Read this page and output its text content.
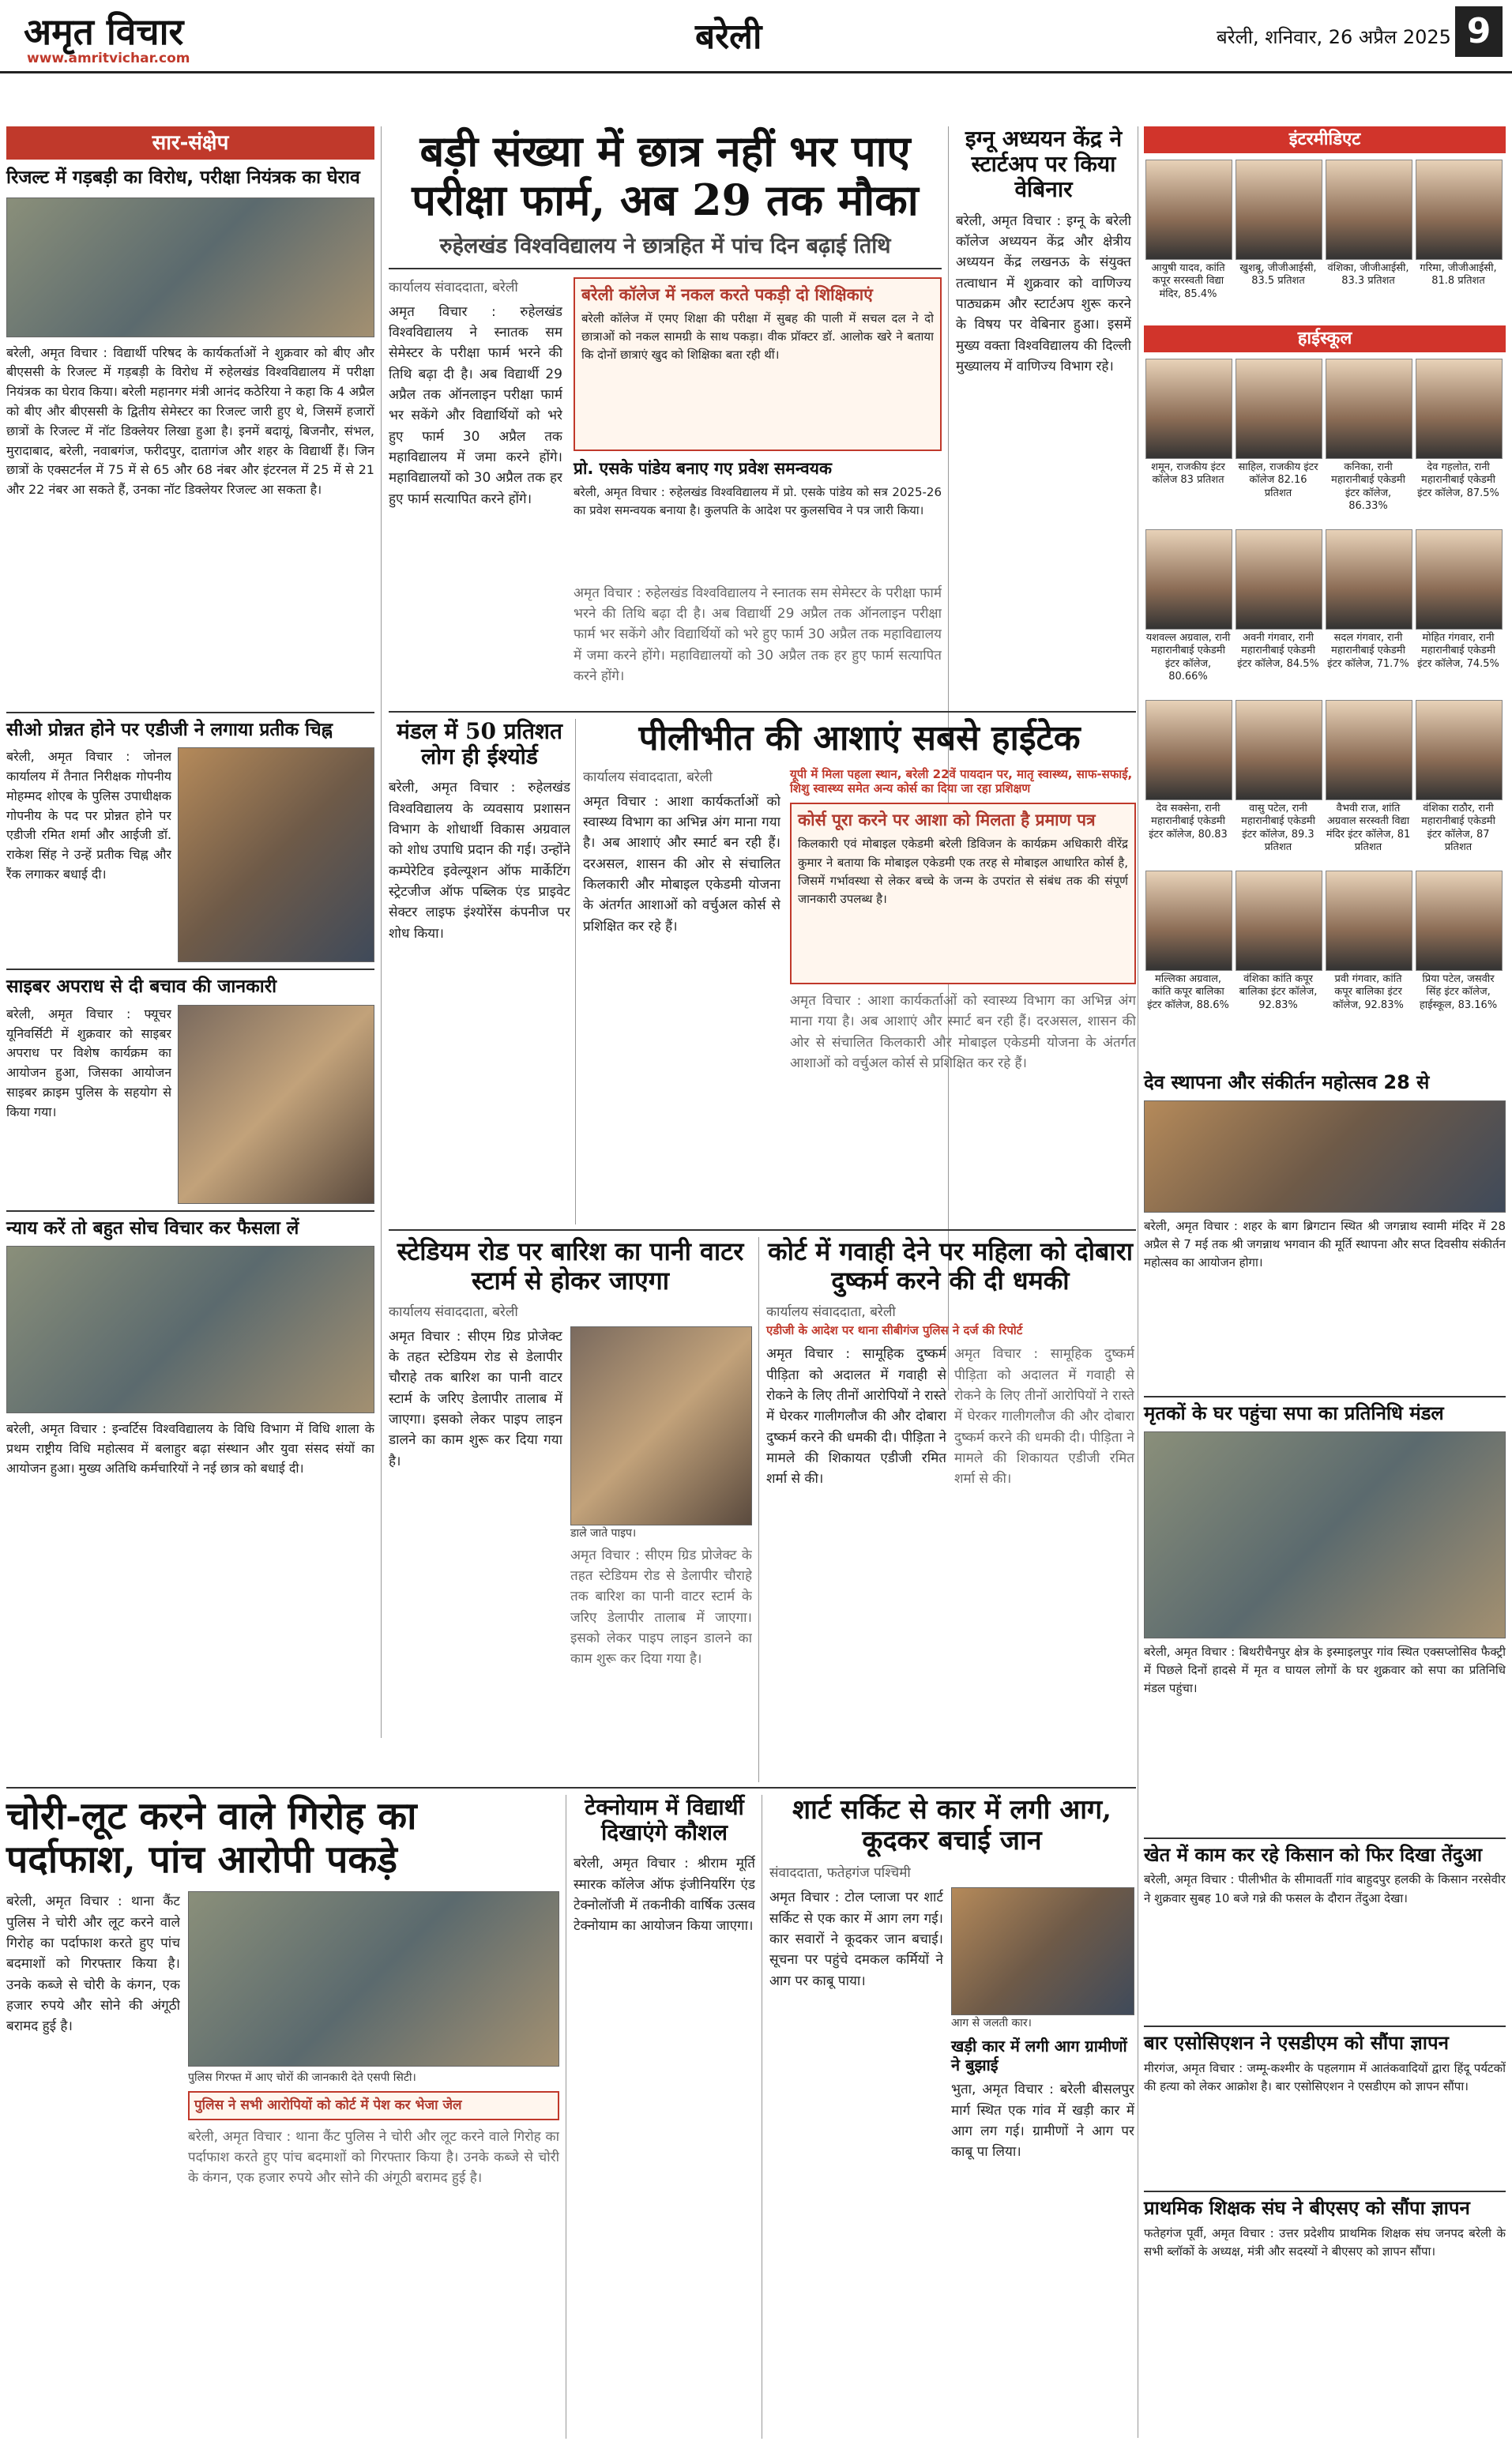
अमृत विचार
www.amritvichar.com
बरेली	बरेली, शनिवार, 26 अप्रैल 2025 9
सार-संक्षेप
रिजल्ट में गड़बड़ी का विरोध, परीक्षा नियंत्रक का घेराव
बरेली, अमृत विचार : विद्यार्थी परिषद के कार्यकर्ताओं ने शुक्रवार को बीए और बीएससी के रिजल्ट में गड़बड़ी के विरोध में रुहेलखंड विश्वविद्यालय में परीक्षा नियंत्रक का घेराव किया। बरेली महानगर मंत्री आनंद कठेरिया ने कहा कि 4 अप्रैल को बीए और बीएससी के द्वितीय सेमेस्टर का रिजल्ट जारी हुए थे, जिसमें हजारों छात्रों के रिजल्ट में नॉट डिक्लेयर लिखा हुआ है। इनमें बदायूं, बिजनौर, संभल, मुरादाबाद, बरेली, नवाबगंज, फरीदपुर, दातागंज और शहर के विद्यार्थी हैं। जिन छात्रों के एक्सटर्नल में 75 में से 65 और 68 नंबर और इंटरनल में 25 में से 21 और 22 नंबर आ सकते हैं, उनका नॉट डिक्लेयर रिजल्ट आ सकता है।
सीओ प्रोन्नत होने पर एडीजी ने लगाया प्रतीक चिह्न
बरेली, अमृत विचार : जोनल कार्यालय में तैनात निरीक्षक गोपनीय मोहम्मद शोएब के पुलिस उपाधीक्षक गोपनीय के पद पर प्रोन्नत होने पर एडीजी रमित शर्मा और आईजी डॉ. राकेश सिंह ने उन्हें प्रतीक चिह्न और रैंक लगाकर बधाई दी।
साइबर अपराध से दी बचाव की जानकारी
बरेली, अमृत विचार : फ्यूचर यूनिवर्सिटी में शुक्रवार को साइबर अपराध पर विशेष कार्यक्रम का आयोजन हुआ, जिसका आयोजन साइबर क्राइम पुलिस के सहयोग से किया गया।
न्याय करें तो बहुत सोच विचार कर फैसला लें
बरेली, अमृत विचार : इन्वर्टिस विश्वविद्यालय के विधि विभाग में विधि शाला के प्रथम राष्ट्रीय विधि महोत्सव में बलाहुर बढ़ा संस्थान और युवा संसद संयों का आयोजन हुआ। मुख्य अतिथि कर्मचारियों ने नई छात्र को बधाई दी।
बड़ी संख्या में छात्र नहीं भर पाए परीक्षा फार्म, अब 29 तक मौका
रुहेलखंड विश्वविद्यालय ने छात्रहित में पांच दिन बढ़ाई तिथि
कार्यालय संवाददाता, बरेली
अमृत विचार : रुहेलखंड विश्वविद्यालय ने स्नातक सम सेमेस्टर के परीक्षा फार्म भरने की तिथि बढ़ा दी है। अब विद्यार्थी 29 अप्रैल तक ऑनलाइन परीक्षा फार्म भर सकेंगे और विद्यार्थियों को भरे हुए फार्म 30 अप्रैल तक महाविद्यालय में जमा करने होंगे। महाविद्यालयों को 30 अप्रैल तक हर हुए फार्म सत्यापित करने होंगे।
बरेली कॉलेज में नकल करते पकड़ी दो शिक्षिकाएं
बरेली कॉलेज में एमए शिक्षा की परीक्षा में सुबह की पाली में सचल दल ने दो छात्राओं को नकल सामग्री के साथ पकड़ा। वीक प्रॉक्टर डॉ. आलोक खरे ने बताया कि दोनों छात्राएं खुद को शिक्षिका बता रही थीं।
प्रो. एसके पांडेय बनाए गए प्रवेश समन्वयक
बरेली, अमृत विचार : रुहेलखंड विश्वविद्यालय में प्रो. एसके पांडेय को सत्र 2025-26 का प्रवेश समन्वयक बनाया है। कुलपति के आदेश पर कुलसचिव ने पत्र जारी किया।
अमृत विचार : रुहेलखंड विश्वविद्यालय ने स्नातक सम सेमेस्टर के परीक्षा फार्म भरने की तिथि बढ़ा दी है। अब विद्यार्थी 29 अप्रैल तक ऑनलाइन परीक्षा फार्म भर सकेंगे और विद्यार्थियों को भरे हुए फार्म 30 अप्रैल तक महाविद्यालय में जमा करने होंगे। महाविद्यालयों को 30 अप्रैल तक हर हुए फार्म सत्यापित करने होंगे।
इग्नू अध्ययन केंद्र ने स्टार्टअप पर किया वेबिनार
बरेली, अमृत विचार : इग्नू के बरेली कॉलेज अध्ययन केंद्र और क्षेत्रीय अध्ययन केंद्र लखनऊ के संयुक्त तत्वाधान में शुक्रवार को वाणिज्य पाठ्यक्रम और स्टार्टअप शुरू करने के विषय पर वेबिनार हुआ। इसमें मुख्य वक्ता विश्वविद्यालय की दिल्ली मुख्यालय में वाणिज्य विभाग रहे।
इंटरमीडिएट
आयुषी यादव, कांति कपूर सरस्वती विद्या मंदिर, 85.4%
खुशबू, जीजीआईसी, 83.5 प्रतिशत
वंशिका, जीजीआईसी, 83.3 प्रतिशत
गरिमा, जीजीआईसी, 81.8 प्रतिशत
हाईस्कूल
शमून, राजकीय इंटर कॉलेज 83 प्रतिशत
साहिल, राजकीय इंटर कॉलेज 82.16 प्रतिशत
कनिका, रानी महारानीबाई एकेडमी इंटर कॉलेज, 86.33%
देव गहलोत, रानी महारानीबाई एकेडमी इंटर कॉलेज, 87.5%
यशवल्ल अग्रवाल, रानी महारानीबाई एकेडमी इंटर कॉलेज, 80.66%
अवनी गंगवार, रानी महारानीबाई एकेडमी इंटर कॉलेज, 84.5%
सदल गंगवार, रानी महारानीबाई एकेडमी इंटर कॉलेज, 71.7%
मोहित गंगवार, रानी महारानीबाई एकेडमी इंटर कॉलेज, 74.5%
देव सक्सेना, रानी महारानीबाई एकेडमी इंटर कॉलेज, 80.83
वासु पटेल, रानी महारानीबाई एकेडमी इंटर कॉलेज, 89.3 प्रतिशत
वैभवी राज, शांति अग्रवाल सरस्वती विद्या मंदिर इंटर कॉलेज, 81 प्रतिशत
वंशिका राठौर, रानी महारानीबाई एकेडमी इंटर कॉलेज, 87 प्रतिशत
मल्लिका अग्रवाल, कांति कपूर बालिका इंटर कॉलेज, 88.6%
वंशिका कांति कपूर बालिका इंटर कॉलेज, 92.83%
प्रवी गंगवार, कांति कपूर बालिका इंटर कॉलेज, 92.83%
प्रिया पटेल, जसवीर सिंह इंटर कॉलेज, हाईस्कूल, 83.16%
मंडल में 50 प्रतिशत लोग ही ईश्योर्ड
बरेली, अमृत विचार : रुहेलखंड विश्वविद्यालय के व्यवसाय प्रशासन विभाग के शोधार्थी विकास अग्रवाल को शोध उपाधि प्रदान की गई। उन्होंने कम्पेरेटिव इवेल्यूशन ऑफ मार्केटिंग स्ट्रेटजीज ऑफ पब्लिक एंड प्राइवेट सेक्टर लाइफ इंश्योरेंस कंपनीज पर शोध किया।
पीलीभीत की आशाएं सबसे हाईटेक
कार्यालय संवाददाता, बरेली
अमृत विचार : आशा कार्यकर्ताओं को स्वास्थ्य विभाग का अभिन्न अंग माना गया है। अब आशाएं और स्मार्ट बन रही हैं। दरअसल, शासन की ओर से संचालित किलकारी और मोबाइल एकेडमी योजना के अंतर्गत आशाओं को वर्चुअल कोर्स से प्रशिक्षित कर रहे हैं।
यूपी में मिला पहला स्थान, बरेली 22वें पायदान पर, मातृ स्वास्थ्य, साफ-सफाई, शिशु स्वास्थ्य समेत अन्य कोर्स का दिया जा रहा प्रशिक्षण
कोर्स पूरा करने पर आशा को मिलता है प्रमाण पत्र
किलकारी एवं मोबाइल एकेडमी बरेली डिविजन के कार्यक्रम अधिकारी वीरेंद्र कुमार ने बताया कि मोबाइल एकेडमी एक तरह से मोबाइल आधारित कोर्स है, जिसमें गर्भावस्था से लेकर बच्चे के जन्म के उपरांत से संबंध तक की संपूर्ण जानकारी उपलब्ध है।
अमृत विचार : आशा कार्यकर्ताओं को स्वास्थ्य विभाग का अभिन्न अंग माना गया है। अब आशाएं और स्मार्ट बन रही हैं। दरअसल, शासन की ओर से संचालित किलकारी और मोबाइल एकेडमी योजना के अंतर्गत आशाओं को वर्चुअल कोर्स से प्रशिक्षित कर रहे हैं।
स्टेडियम रोड पर बारिश का पानी वाटर स्टार्म से होकर जाएगा
कार्यालय संवाददाता, बरेली
अमृत विचार : सीएम ग्रिड प्रोजेक्ट के तहत स्टेडियम रोड से डेलापीर चौराहे तक बारिश का पानी वाटर स्टार्म के जरिए डेलापीर तालाब में जाएगा। इसको लेकर पाइप लाइन डालने का काम शुरू कर दिया गया है।
डाले जाते पाइप।
अमृत विचार : सीएम ग्रिड प्रोजेक्ट के तहत स्टेडियम रोड से डेलापीर चौराहे तक बारिश का पानी वाटर स्टार्म के जरिए डेलापीर तालाब में जाएगा। इसको लेकर पाइप लाइन डालने का काम शुरू कर दिया गया है।
कोर्ट में गवाही देने पर महिला को दोबारा दुष्कर्म करने की दी धमकी
कार्यालय संवाददाता, बरेली
एडीजी के आदेश पर थाना सीबीगंज पुलिस ने दर्ज की रिपोर्ट
अमृत विचार : सामूहिक दुष्कर्म पीड़िता को अदालत में गवाही से रोकने के लिए तीनों आरोपियों ने रास्ते में घेरकर गालीगलौज की और दोबारा दुष्कर्म करने की धमकी दी। पीड़िता ने मामले की शिकायत एडीजी रमित शर्मा से की।
अमृत विचार : सामूहिक दुष्कर्म पीड़िता को अदालत में गवाही से रोकने के लिए तीनों आरोपियों ने रास्ते में घेरकर गालीगलौज की और दोबारा दुष्कर्म करने की धमकी दी। पीड़िता ने मामले की शिकायत एडीजी रमित शर्मा से की।
देव स्थापना और संकीर्तन महोत्सव 28 से
बरेली, अमृत विचार : शहर के बाग ब्रिगटान स्थित श्री जगन्नाथ स्वामी मंदिर में 28 अप्रैल से 7 मई तक श्री जगन्नाथ भगवान की मूर्ति स्थापना और सप्त दिवसीय संकीर्तन महोत्सव का आयोजन होगा।
मृतकों के घर पहुंचा सपा का प्रतिनिधि मंडल
बरेली, अमृत विचार : बिथरीचैनपुर क्षेत्र के इस्माइलपुर गांव स्थित एक्सप्लोसिव फैक्ट्री में पिछले दिनों हादसे में मृत व घायल लोगों के घर शुक्रवार को सपा का प्रतिनिधि मंडल पहुंचा।
खेत में काम कर रहे किसान को फिर दिखा तेंदुआ
बरेली, अमृत विचार : पीलीभीत के सीमावर्ती गांव बाहुदपुर हलकी के किसान नरसेवीर ने शुक्रवार सुबह 10 बजे गन्ने की फसल के दौरान तेंदुआ देखा।
बार एसोसिएशन ने एसडीएम को सौंपा ज्ञापन
मीरगंज, अमृत विचार : जम्मू-कश्मीर के पहलगाम में आतंकवादियों द्वारा हिंदू पर्यटकों की हत्या को लेकर आक्रोश है। बार एसोसिएशन ने एसडीएम को ज्ञापन सौंपा।
प्राथमिक शिक्षक संघ ने बीएसए को सौंपा ज्ञापन
फतेहगंज पूर्वी, अमृत विचार : उत्तर प्रदेशीय प्राथमिक शिक्षक संघ जनपद बरेली के सभी ब्लॉकों के अध्यक्ष, मंत्री और सदस्यों ने बीएसए को ज्ञापन सौंपा।
चोरी-लूट करने वाले गिरोह का पर्दाफाश, पांच आरोपी पकड़े
बरेली, अमृत विचार : थाना कैंट पुलिस ने चोरी और लूट करने वाले गिरोह का पर्दाफाश करते हुए पांच बदमाशों को गिरफ्तार किया है। उनके कब्जे से चोरी के कंगन, एक हजार रुपये और सोने की अंगूठी बरामद हुई है।
पुलिस गिरफ्त में आए चोरों की जानकारी देते एसपी सिटी।
पुलिस ने सभी आरोपियों को कोर्ट में पेश कर भेजा जेल
बरेली, अमृत विचार : थाना कैंट पुलिस ने चोरी और लूट करने वाले गिरोह का पर्दाफाश करते हुए पांच बदमाशों को गिरफ्तार किया है। उनके कब्जे से चोरी के कंगन, एक हजार रुपये और सोने की अंगूठी बरामद हुई है।
टेक्नोयाम में विद्यार्थी दिखाएंगे कौशल
बरेली, अमृत विचार : श्रीराम मूर्ति स्मारक कॉलेज ऑफ इंजीनियरिंग एंड टेक्नोलॉजी में तकनीकी वार्षिक उत्सव टेक्नोयाम का आयोजन किया जाएगा।
शार्ट सर्किट से कार में लगी आग, कूदकर बचाई जान
संवाददाता, फतेहगंज पश्चिमी
अमृत विचार : टोल प्लाजा पर शार्ट सर्किट से एक कार में आग लग गई। कार सवारों ने कूदकर जान बचाई। सूचना पर पहुंचे दमकल कर्मियों ने आग पर काबू पाया।
आग से जलती कार।
खड़ी कार में लगी आग ग्रामीणों ने बुझाई
भुता, अमृत विचार : बरेली बीसलपुर मार्ग स्थित एक गांव में खड़ी कार में आग लग गई। ग्रामीणों ने आग पर काबू पा लिया।
